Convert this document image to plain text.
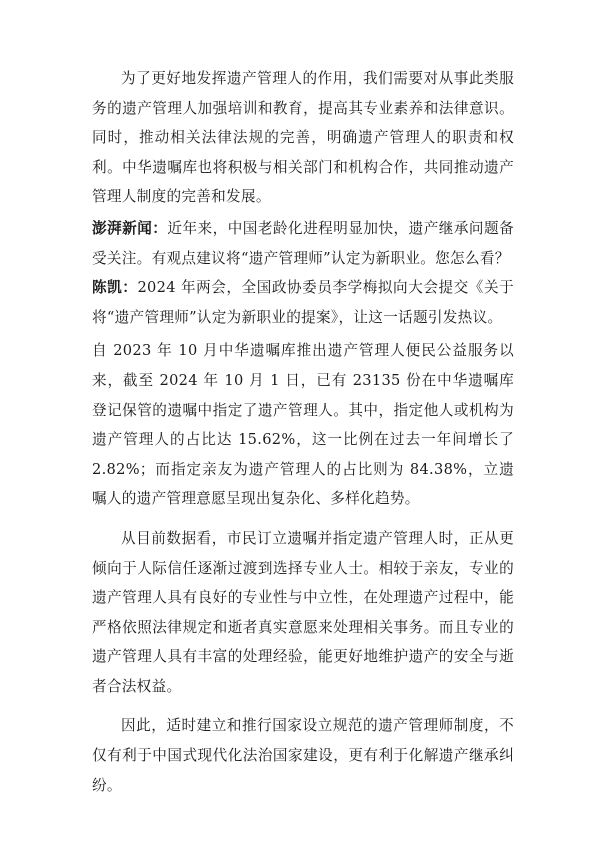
为了更好地发挥遗产管理人的作用，我们需要对从事此类服务的遗产管理人加强培训和教育，提高其专业素养和法律意识。同时，推动相关法律法规的完善，明确遗产管理人的职责和权利。中华遗嘱库也将积极与相关部门和机构合作，共同推动遗产管理人制度的完善和发展。

澎湃新闻：近年来，中国老龄化进程明显加快，遗产继承问题备受关注。有观点建议将“遗产管理师”认定为新职业。您怎么看？

陈凯：2024 年两会，全国政协委员李学梅拟向大会提交《关于将“遗产管理师”认定为新职业的提案》，让这一话题引发热议。

自 2023 年 10 月中华遗嘱库推出遗产管理人便民公益服务以来，截至 2024 年 10 月 1 日，已有 23135 份在中华遗嘱库登记保管的遗嘱中指定了遗产管理人。其中，指定他人或机构为遗产管理人的占比达 15.62%，这一比例在过去一年间增长了 2.82%；而指定亲友为遗产管理人的占比则为 84.38%，立遗嘱人的遗产管理意愿呈现出复杂化、多样化趋势。

从目前数据看，市民订立遗嘱并指定遗产管理人时，正从更倾向于人际信任逐渐过渡到选择专业人士。相较于亲友，专业的遗产管理人具有良好的专业性与中立性，在处理遗产过程中，能严格依照法律规定和逝者真实意愿来处理相关事务。而且专业的遗产管理人具有丰富的处理经验，能更好地维护遗产的安全与逝者合法权益。

因此，适时建立和推行国家设立规范的遗产管理师制度，不仅有利于中国式现代化法治国家建设，更有利于化解遗产继承纠纷。
